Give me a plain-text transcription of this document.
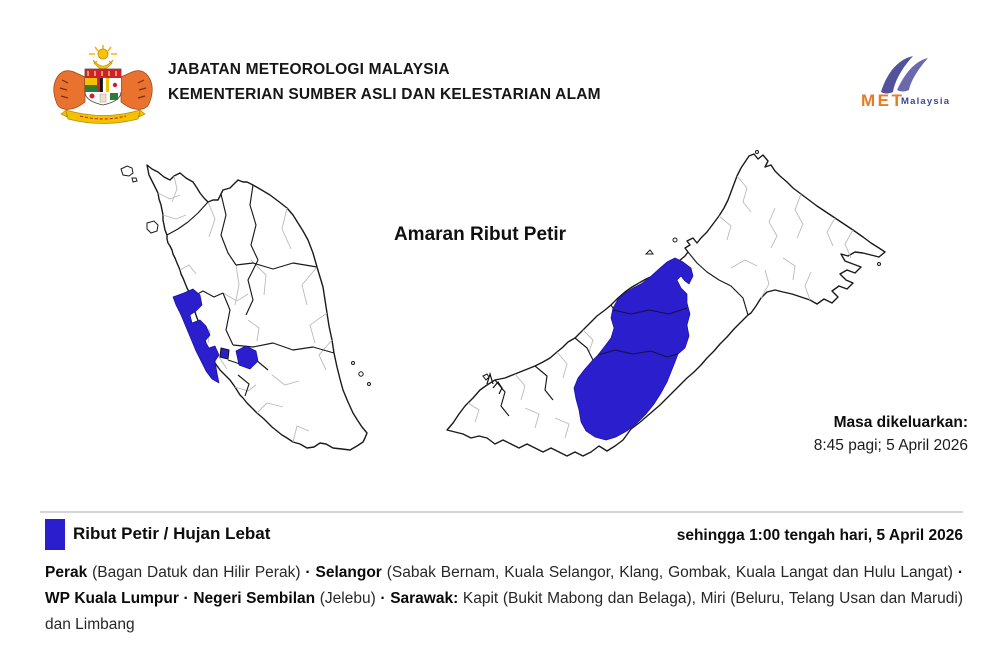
JABATAN METEOROLOGI MALAYSIA
KEMENTERIAN SUMBER ASLI DAN KELESTARIAN ALAM	MET
Malaysia
Amaran Ribut Petir
Masa dikeluarkan:
8:45 pagi; 5 April 2026
Ribut Petir / Hujan Lebat	sehingga 1:00 tengah hari, 5 April 2026

Perak (Bagan Datuk dan Hilir Perak) · Selangor (Sabak Bernam, Kuala Selangor, Klang, Gombak, Kuala Langat dan Hulu Langat) · WP Kuala Lumpur · Negeri Sembilan (Jelebu) · Sarawak: Kapit (Bukit Mabong dan Belaga), Miri (Beluru, Telang Usan dan Marudi) dan Limbang
